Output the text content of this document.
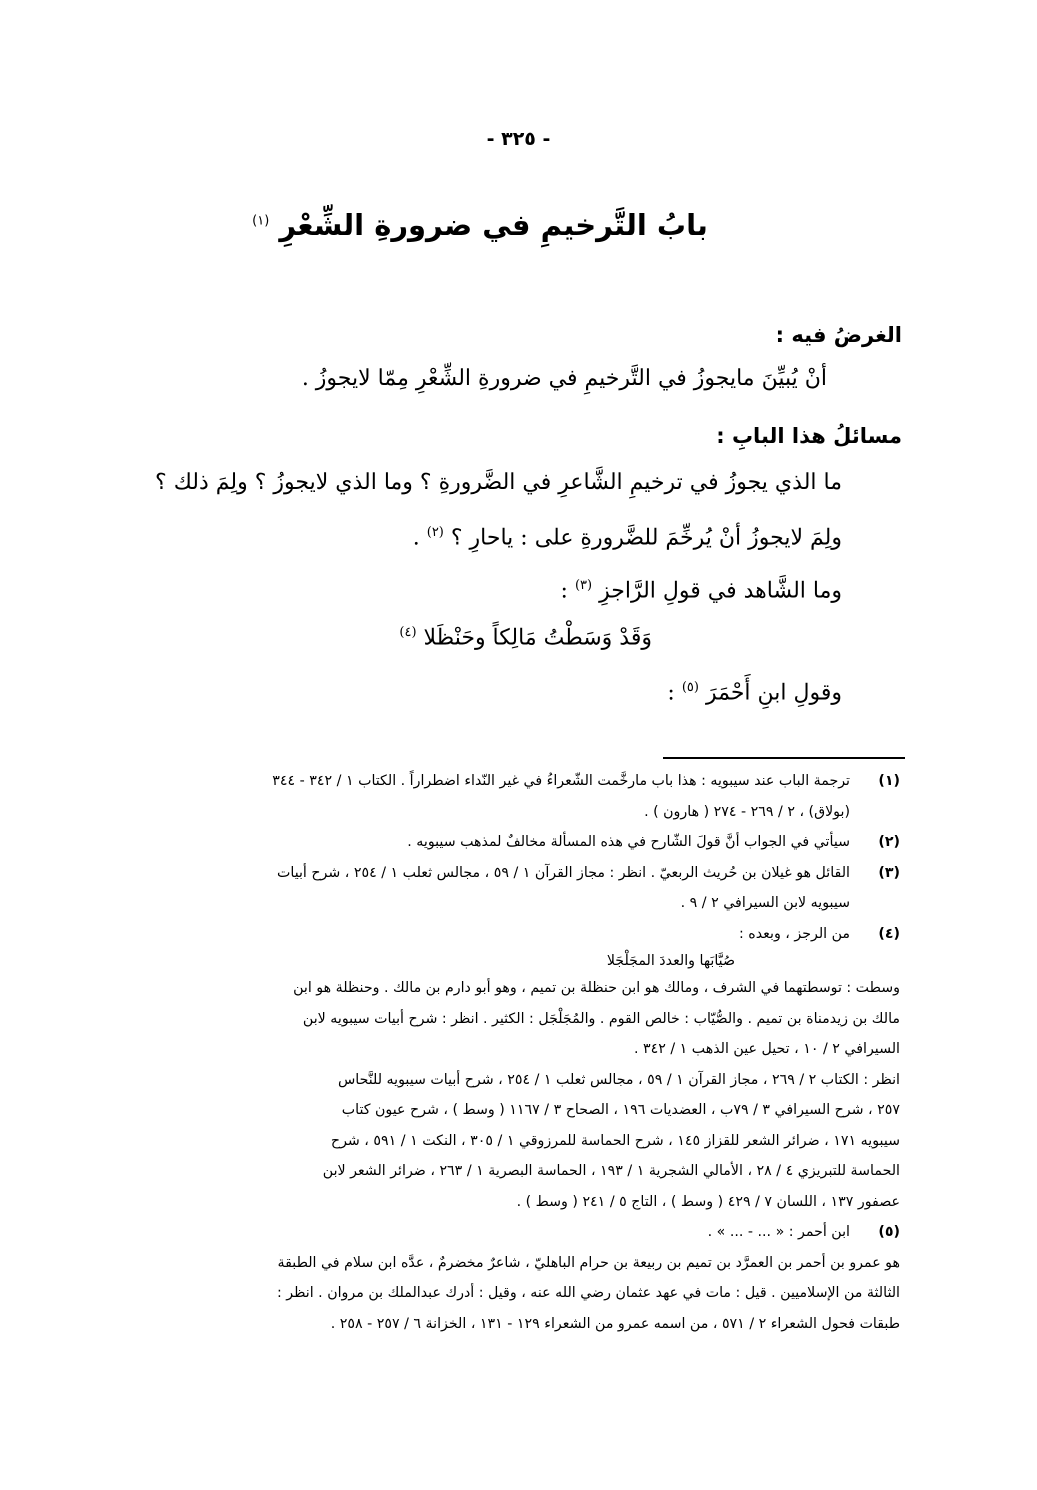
- ٣٢٥ -
بابُ التَّرخيمِ في ضرورةِ الشِّعْرِ $^{(١)}$
الغرضُ فيه :
أنْ يُبيِّنَ مايجوزُ في التَّرخيمِ في ضرورةِ الشِّعْرِ مِمّا لايجوزُ .
مسائلُ هذا البابِ :
ما الذي يجوزُ في ترخيمِ الشَّاعرِ في الضَّرورةِ ؟ وما الذي لايجوزُ ؟ ولِمَ ذلك ؟
ولِمَ لايجوزُ أنْ يُرخِّمَ للضَّرورةِ على : ياحارِ ؟ $^{(٢)}$ .
وما الشَّاهد في قولِ الرَّاجزِ $^{(٣)}$ :
وَقَدْ وَسَطْتُ مَالِكاً وحَنْظَلا $^{(٤)}$
وقولِ ابنِ أَحْمَرَ $^{(٥)}$ :
(١)
ترجمة الباب عند سيبويه : هذا باب مارخَّمت الشّعراءُ في غير النّداء اضطراراً . الكتاب ١ / ٣٤٢ - ٣٤٤
(بولاق) ، ٢ / ٢٦٩ - ٢٧٤ ( هارون ) .
(٢)
سيأتي في الجواب أنَّ قولَ الشّارح في هذه المسألة مخالفٌ لمذهب سيبويه .
(٣)
القائل هو غيلان بن حُريث الربعيّ . انظر : مجاز القرآن ١ / ٥٩ ، مجالس ثعلب ١ / ٢٥٤ ، شرح أبيات
سيبويه لابن السيرافي ٢ / ٩ .
(٤)
من الرجز ، وبعده :
صُيَّابَها والعددَ المجَلْجَلا
وسطت : توسطتهما في الشرف ، ومالك هو ابن حنظلة بن تميم ، وهو أبو دارم بن مالك . وحنظلة هو ابن
مالك بن زيدمناة بن تميم . والصُّيّاب : خالص القوم . والمُجَلْجَل : الكثير . انظر : شرح أبيات سيبويه لابن
السيرافي ٢ / ١٠ ، تحيل عين الذهب ١ / ٣٤٢ .
انظر : الكتاب ٢ / ٢٦٩ ، مجاز القرآن ١ / ٥٩ ، مجالس ثعلب ١ / ٢٥٤ ، شرح أبيات سيبويه للنَّحاس
٢٥٧ ، شرح السيرافي ٣ / ٧٩ب ، العضديات ١٩٦ ، الصحاح ٣ / ١١٦٧ ( وسط ) ، شرح عيون كتاب
سيبويه ١٧١ ، ضرائر الشعر للقزاز ١٤٥ ، شرح الحماسة للمرزوقي ١ / ٣٠٥ ، النكت ١ / ٥٩١ ، شرح
الحماسة للتبريزي ٤ / ٢٨ ، الأمالي الشجرية ١ / ١٩٣ ، الحماسة البصرية ١ / ٢٦٣ ، ضرائر الشعر لابن
عصفور ١٣٧ ، اللسان ٧ / ٤٢٩ ( وسط ) ، التاج ٥ / ٢٤١ ( وسط ) .
(٥)
ابن أحمر : « ... - ... » .
هو عمرو بن أحمر بن العمرَّد بن تميم بن ربيعة بن حرام الباهليّ ، شاعرٌ مخضرمٌ ، عدَّه ابن سلام في الطبقة
الثالثة من الإسلاميين . قيل : مات في عهد عثمان رضي الله عنه ، وقيل : أدرك عبدالملك بن مروان . انظر :
طبقات فحول الشعراء ٢ / ٥٧١ ، من اسمه عمرو من الشعراء ١٢٩ - ١٣١ ، الخزانة ٦ / ٢٥٧ - ٢٥٨ .
